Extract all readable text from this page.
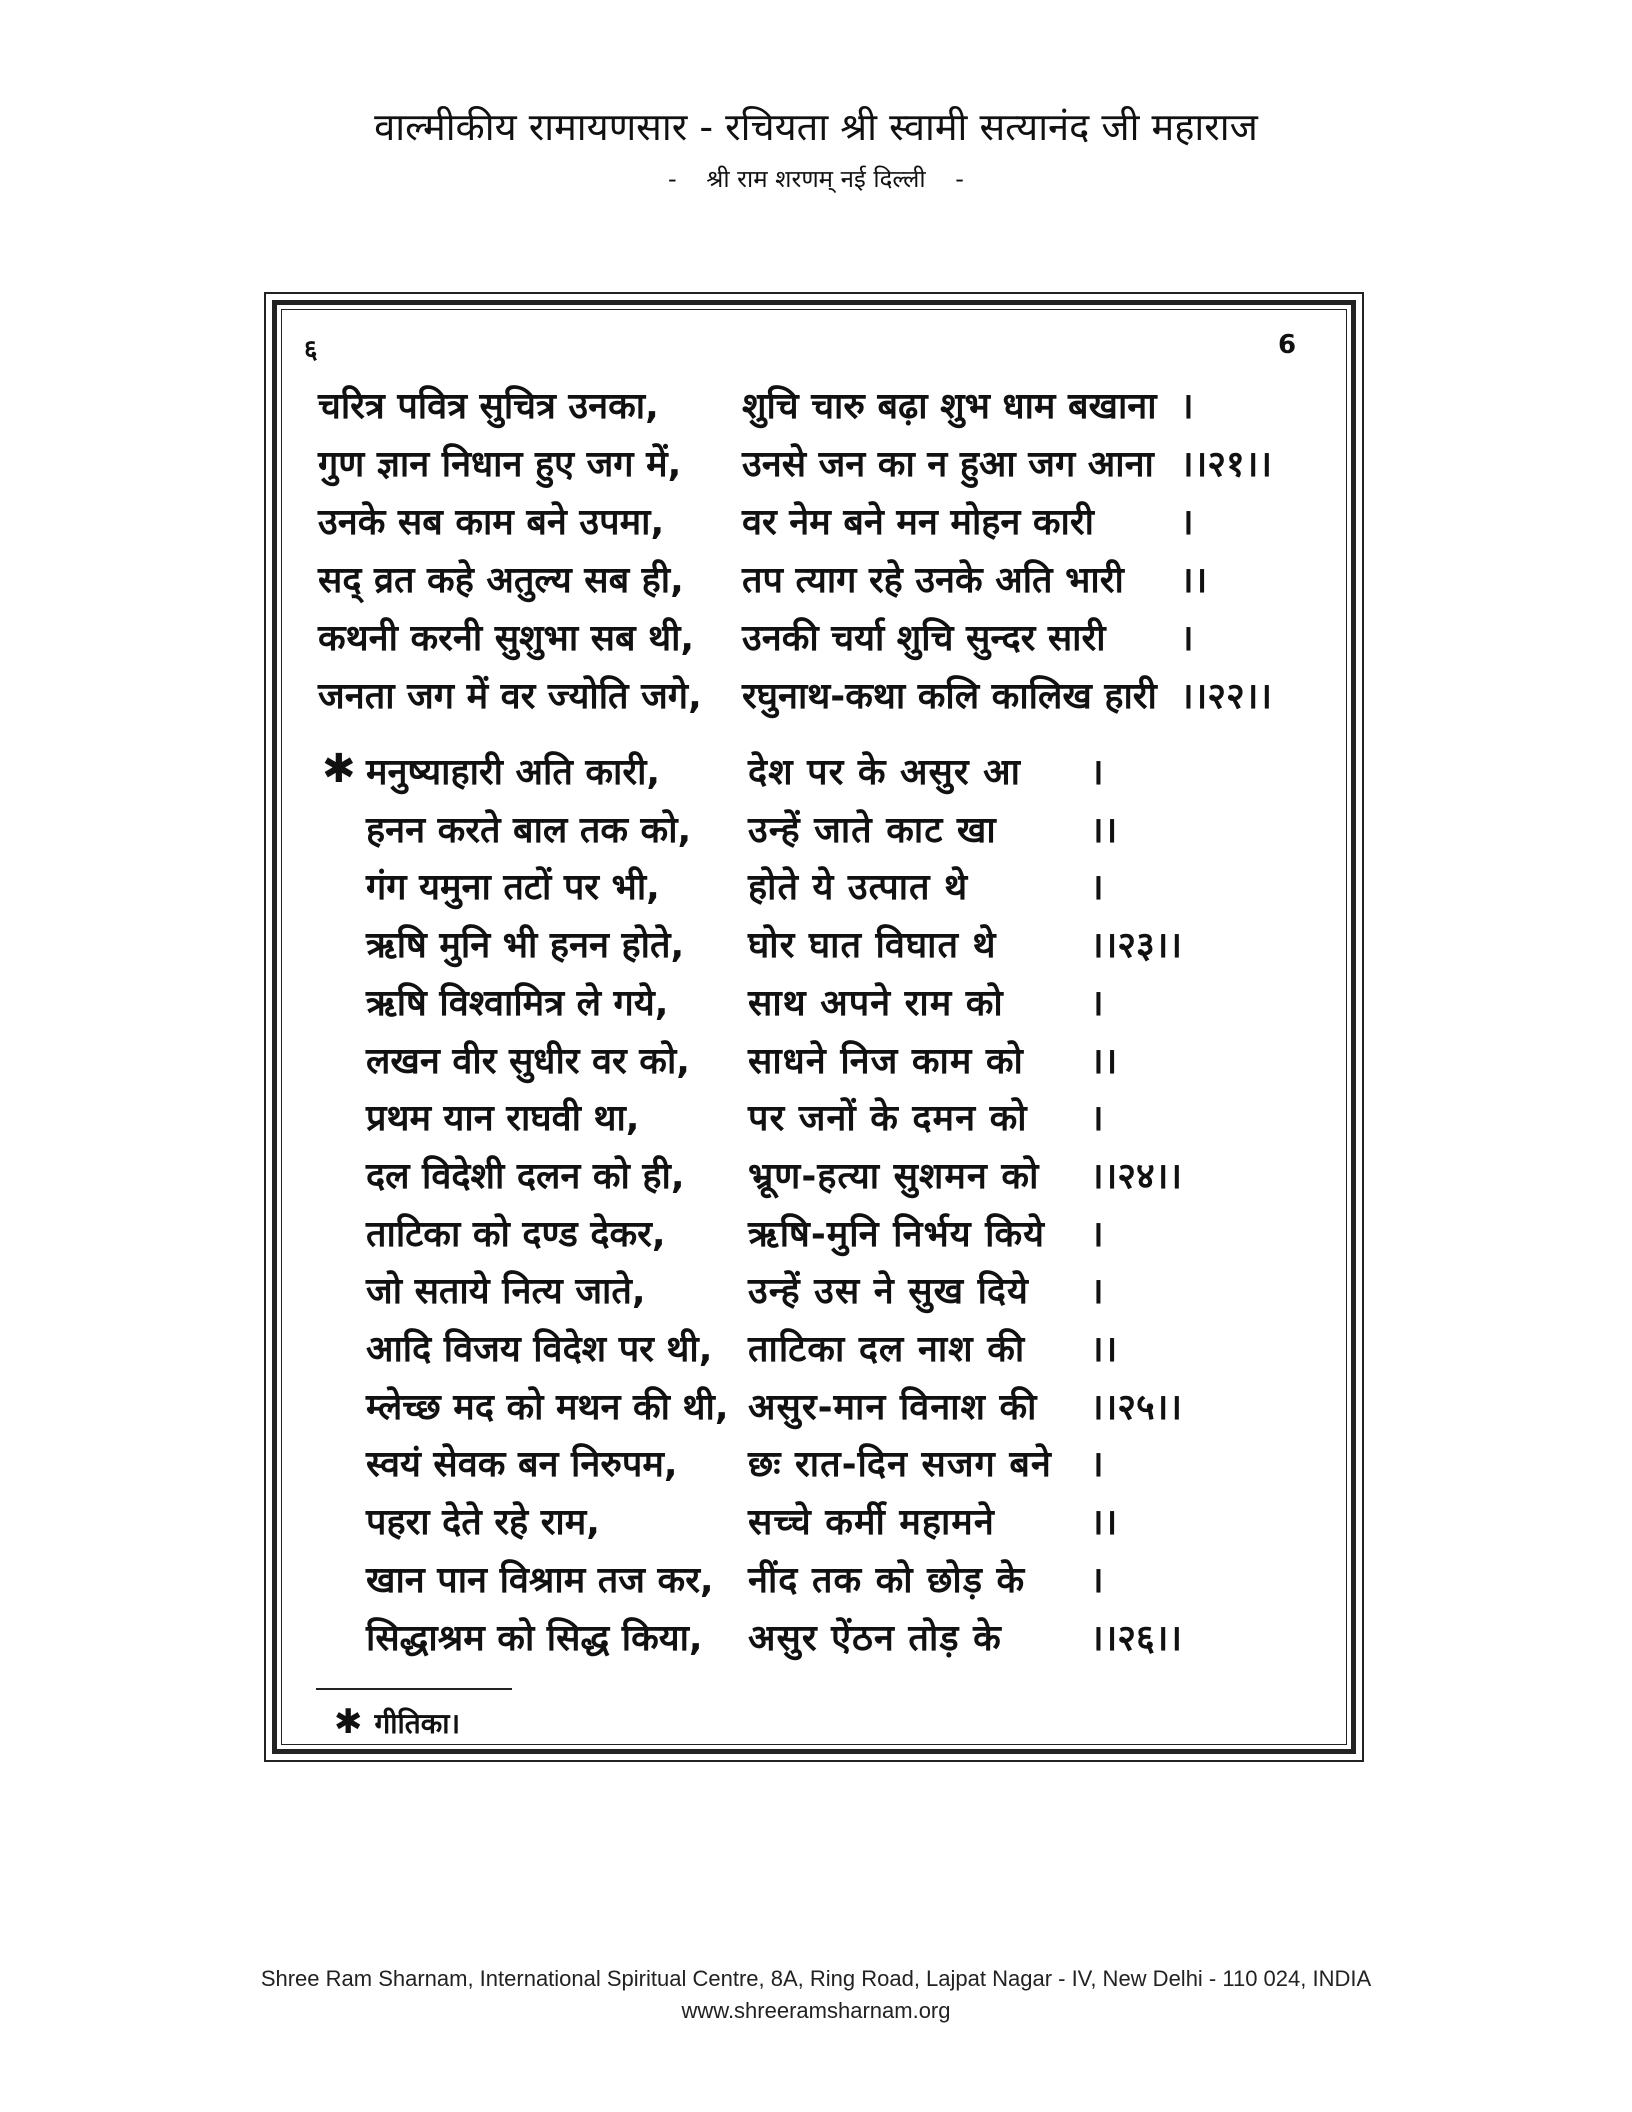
वाल्मीकीय रामायणसार - रचियता श्री स्वामी सत्यानंद जी महाराज
- श्री राम शरणम् नई दिल्ली -
६	6
चरित्र पवित्र सुचित्र उनका, शुचि चारु बढ़ा शुभ धाम बखाना ।
गुण ज्ञान निधान हुए जग में, उनसे जन का न हुआ जग आना ।।२१।।
उनके सब काम बने उपमा, वर नेम बने मन मोहन कारी ।
सद् व्रत कहे अतुल्य सब ही, तप त्याग रहे उनके अति भारी ।।
कथनी करनी सुशुभा सब थी, उनकी चर्या शुचि सुन्दर सारी ।
जनता जग में वर ज्योति जगे, रघुनाथ-कथा कलि कालिख हारी ।।२२।।
✱ मनुष्याहारी अति कारी, देश पर के असुर आ ।
हनन करते बाल तक को, उन्हें जाते काट खा	।।
गंग यमुना तटों पर भी, होते ये उत्पात थे	।
ऋषि मुनि भी हनन होते, घोर घात विघात थे	।।२३।।
ऋषि विश्वामित्र ले गये, साथ अपने राम को ।
लखन वीर सुधीर वर को, साधने निज काम को ।।
प्रथम यान राघवी था,	पर जनों के दमन को ।
दल विदेशी दलन को ही, भ्रूण-हत्या सुशमन को ।।२४।।
ताटिका को दण्ड देकर, ऋषि-मुनि निर्भय किये ।
जो सताये नित्य जाते,	उन्हें उस ने सुख दिये ।
आदि विजय विदेश पर थी, ताटिका दल नाश की ।।
म्लेच्छ मद को मथन की थी, असुर-मान विनाश की ।।२५।।
स्वयं सेवक बन निरुपम, छः रात-दिन सजग बने ।
पहरा देते रहे राम,	सच्चे कर्मी महामने	।।
खान पान विश्राम तज कर, नींद तक को छोड़ के ।
सिद्धाश्रम को सिद्ध किया, असुर ऐंठन तोड़ के ।।२६।।
✱ गीतिका।
Shree Ram Sharnam, International Spiritual Centre, 8A, Ring Road, Lajpat Nagar - IV, New Delhi - 110 024, INDIA
www.shreeramsharnam.org
